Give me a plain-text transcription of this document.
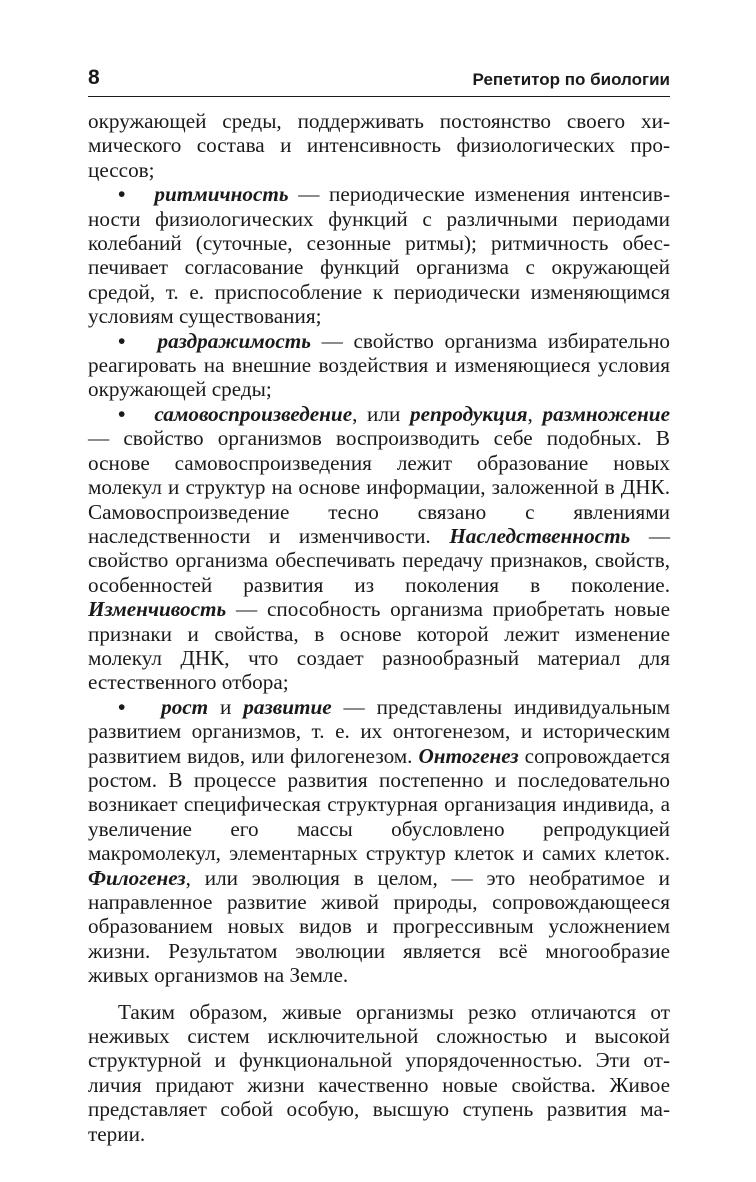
8	Репетитор по биологии

окружающей среды, поддерживать постоянство своего химического состава и интенсивность физиологических процессов;

• ритмичность — периодические изменения интенсивности физиологических функций с различными периодами колебаний (суточные, сезонные ритмы); ритмичность обеспечивает согласование функций организма с окружающей средой, т. е. приспособление к периодически изменяющимся условиям существования;

• раздражимость — свойство организма избирательно реагировать на внешние воздействия и изменяющиеся условия окружающей среды;

• самовоспроизведение, или репродукция, размножение — свойство организмов воспроизводить себе подобных. В основе самовоспроизведения лежит образование новых молекул и структур на основе информации, заложенной в ДНК. Самовоспроизведение тесно связано с явлениями наследственности и изменчивости. Наследственность — свойство организма обеспечивать передачу признаков, свойств, особенностей развития из поколения в поколение. Изменчивость — способность организма приобретать новые признаки и свойства, в основе которой лежит изменение молекул ДНК, что создает разнообразный материал для естественного отбора;

• рост и развитие — представлены индивидуальным развитием организмов, т. е. их онтогенезом, и историческим развитием видов, или филогенезом. Онтогенез сопровождается ростом. В процессе развития постепенно и последовательно возникает специфическая структурная организация индивида, а увеличение его массы обусловлено репродукцией макромолекул, элементарных структур клеток и самих клеток. Филогенез, или эволюция в целом, — это необратимое и направленное развитие живой природы, сопровождающееся образованием новых видов и прогрессивным усложнением жизни. Результатом эволюции является всё многообразие живых организмов на Земле.

Таким образом, живые организмы резко отличаются от неживых систем исключительной сложностью и высокой структурной и функциональной упорядоченностью. Эти отличия придают жизни качественно новые свойства. Живое представляет собой особую, высшую ступень развития материи.
